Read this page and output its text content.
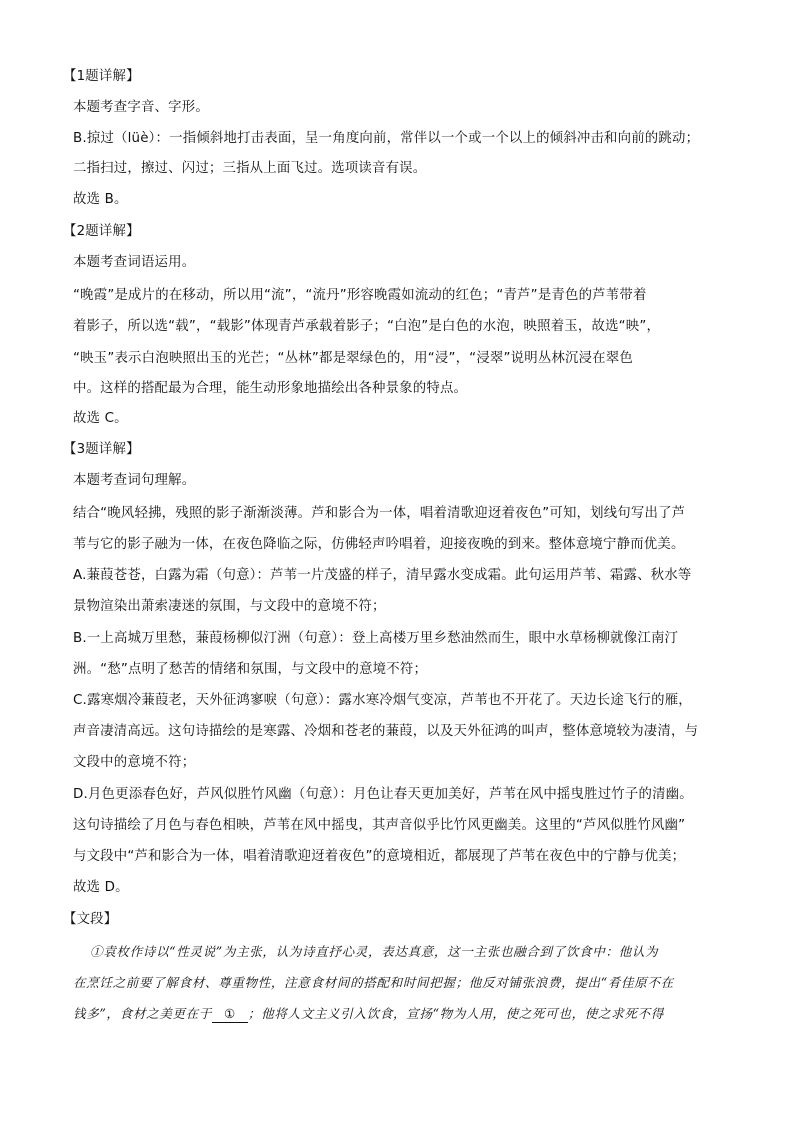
【1题详解】
本题考查字音、字形。
B.掠过（lüè）：一指倾斜地打击表面，呈一角度向前，常伴以一个或一个以上的倾斜冲击和向前的跳动；
二指扫过，擦过、闪过；三指从上面飞过。选项读音有误。
故选 B。
【2题详解】
本题考查词语运用。
“晚霞”是成片的在移动，所以用“流”，“流丹”形容晚霞如流动的红色；“青芦”是青色的芦苇带着
着影子，所以选“载”，“载影”体现青芦承载着影子；“白泡”是白色的水泡，映照着玉，故选“映”，
“映玉”表示白泡映照出玉的光芒；“丛林”都是翠绿色的，用“浸”，“浸翠”说明丛林沉浸在翠色
中。这样的搭配最为合理，能生动形象地描绘出各种景象的特点。
故选 C。
【3题详解】
本题考查词句理解。
结合“晚风轻拂，残照的影子渐渐淡薄。芦和影合为一体，唱着清歌迎迓着夜色”可知，划线句写出了芦
苇与它的影子融为一体，在夜色降临之际，仿佛轻声吟唱着，迎接夜晚的到来。整体意境宁静而优美。
A.蒹葭苍苍，白露为霜（句意）：芦苇一片茂盛的样子，清早露水变成霜。此句运用芦苇、霜露、秋水等
景物渲染出萧索凄迷的氛围，与文段中的意境不符；
B.一上高城万里愁，蒹葭杨柳似汀洲（句意）：登上高楼万里乡愁油然而生，眼中水草杨柳就像江南汀
洲。“愁”点明了愁苦的情绪和氛围，与文段中的意境不符；
C.露寒烟冷蒹葭老，天外征鸿寥唳（句意）：露水寒冷烟气变凉，芦苇也不开花了。天边长途飞行的雁，
声音凄清高远。这句诗描绘的是寒露、冷烟和苍老的蒹葭，以及天外征鸿的叫声，整体意境较为凄清，与
文段中的意境不符；
D.月色更添春色好，芦风似胜竹风幽（句意）：月色让春天更加美好，芦苇在风中摇曳胜过竹子的清幽。
这句诗描绘了月色与春色相映，芦苇在风中摇曳，其声音似乎比竹风更幽美。这里的“芦风似胜竹风幽”
与文段中“芦和影合为一体，唱着清歌迎迓着夜色”的意境相近，都展现了芦苇在夜色中的宁静与优美；
故选 D。
【文段】
①袁枚作诗以“性灵说”为主张，认为诗直抒心灵，表达真意，这一主张也融合到了饮食中：他认为
在烹饪之前要了解食材、尊重物性，注意食材间的搭配和时间把握；他反对铺张浪费，提出“肴佳原不在
钱多”，食材之美更在于 ① ；他将人文主义引入饮食，宣扬“物为人用，使之死可也，使之求死不得
